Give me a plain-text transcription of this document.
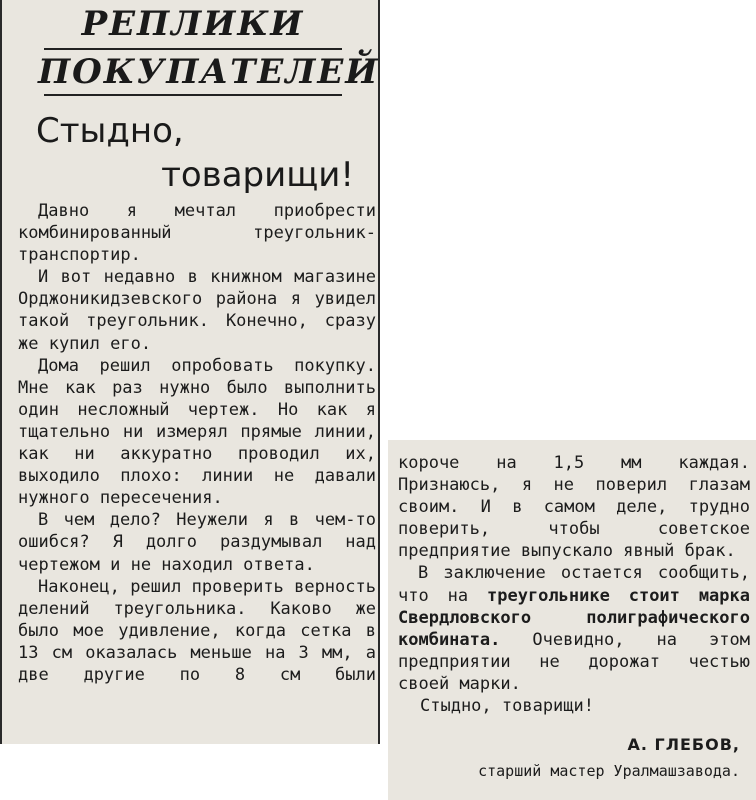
РЕПЛИКИ

ПОКУПАТЕЛЕЙ

Стыдно,

товарищи!

Давно я мечтал приобрести комбинированный треугольник-транспортир.

И вот недавно в книжном магазине Орджоникидзевского района я увидел такой треугольник. Конечно, сразу же купил его.

Дома решил опробовать покупку. Мне как раз нужно было выполнить один несложный чертеж. Но как я тщательно ни измерял прямые линии, как ни аккуратно проводил их, выходило плохо: линии не давали нужного пересечения.

В чем дело? Неужели я в чем-то ошибся? Я долго раздумывал над чертежом и не находил ответа.

Наконец, решил проверить верность делений треугольника. Каково же было мое удивление, когда сетка в 13 см оказалась меньше на 3 мм, а две другие по 8 см были

короче на 1,5 мм каждая. Признаюсь, я не поверил глазам своим. И в самом деле, трудно поверить, чтобы советское предприятие выпускало явный брак.

В заключение остается сообщить, что на треугольнике стоит марка Свердловского полиграфического комбината. Очевидно, на этом предприятии не дорожат честью своей марки.

Стыдно, товарищи!

А. ГЛЕБОВ,

старший мастер Уралмашзавода.
